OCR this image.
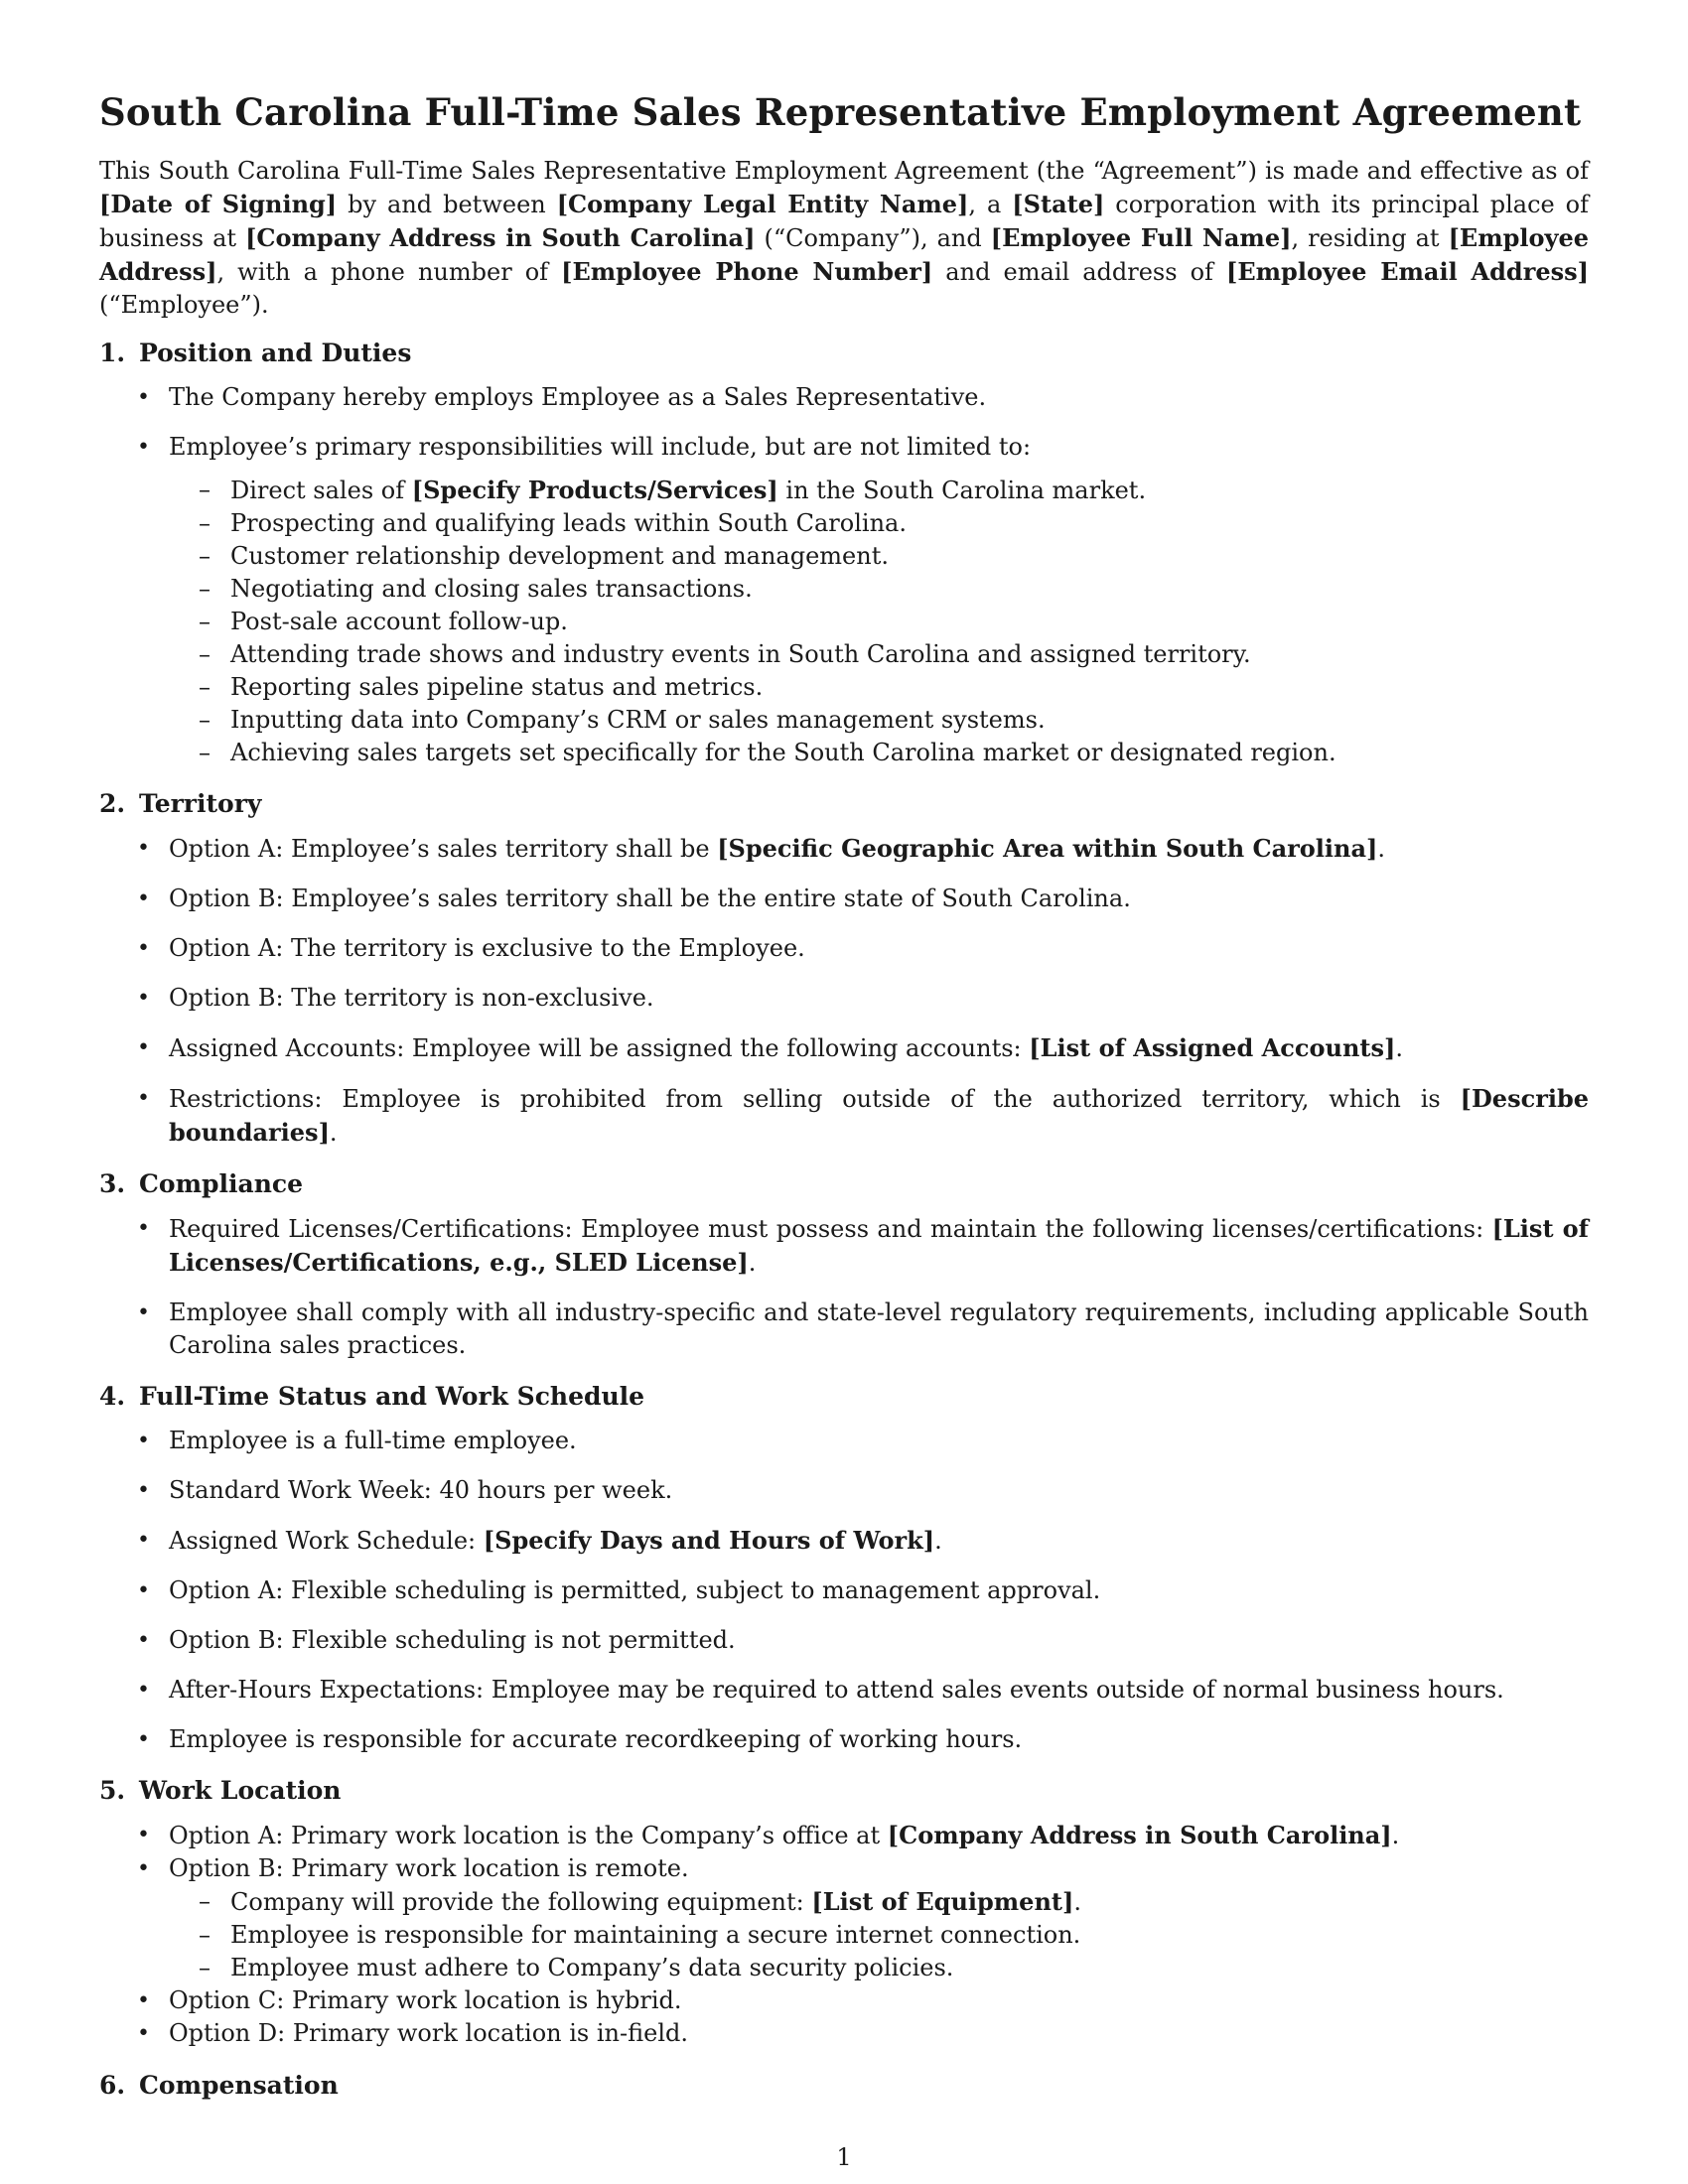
South Carolina Full-Time Sales Representative Employment Agreement

This South Carolina Full-Time Sales Representative Employment Agreement (the “Agreement”) is made and effective as of [Date of Signing] by and between [Company Legal Entity Name], a [State] corporation with its principal place of business at [Company Address in South Carolina] (“Company”), and [Employee Full Name], residing at [Employee Address], with a phone number of [Employee Phone Number] and email address of [Employee Email Address] (“Employee”).

1. Position and Duties
• The Company hereby employs Employee as a Sales Representative.
• Employee’s primary responsibilities will include, but are not limited to:
– Direct sales of [Specify Products/Services] in the South Carolina market.
– Prospecting and qualifying leads within South Carolina.
– Customer relationship development and management.
– Negotiating and closing sales transactions.
– Post-sale account follow-up.
– Attending trade shows and industry events in South Carolina and assigned territory.
– Reporting sales pipeline status and metrics.
– Inputting data into Company’s CRM or sales management systems.
– Achieving sales targets set specifically for the South Carolina market or designated region.
2. Territory
• Option A: Employee’s sales territory shall be [Specific Geographic Area within South Carolina].
• Option B: Employee’s sales territory shall be the entire state of South Carolina.
• Option A: The territory is exclusive to the Employee.
• Option B: The territory is non-exclusive.
• Assigned Accounts: Employee will be assigned the following accounts: [List of Assigned Accounts].
• Restrictions: Employee is prohibited from selling outside of the authorized territory, which is [Describe boundaries].
3. Compliance
• Required Licenses/Certifications: Employee must possess and maintain the following licenses/certifications: [List of Licenses/Certifications, e.g., SLED License].
• Employee shall comply with all industry-specific and state-level regulatory requirements, including applicable South Carolina sales practices.
4. Full-Time Status and Work Schedule
• Employee is a full-time employee.
• Standard Work Week: 40 hours per week.
• Assigned Work Schedule: [Specify Days and Hours of Work].
• Option A: Flexible scheduling is permitted, subject to management approval.
• Option B: Flexible scheduling is not permitted.
• After-Hours Expectations: Employee may be required to attend sales events outside of normal business hours.
• Employee is responsible for accurate recordkeeping of working hours.
5. Work Location
• Option A: Primary work location is the Company’s office at [Company Address in South Carolina].
• Option B: Primary work location is remote.
– Company will provide the following equipment: [List of Equipment].
– Employee is responsible for maintaining a secure internet connection.
– Employee must adhere to Company’s data security policies.
• Option C: Primary work location is hybrid.
• Option D: Primary work location is in-field.
6. Compensation
1
